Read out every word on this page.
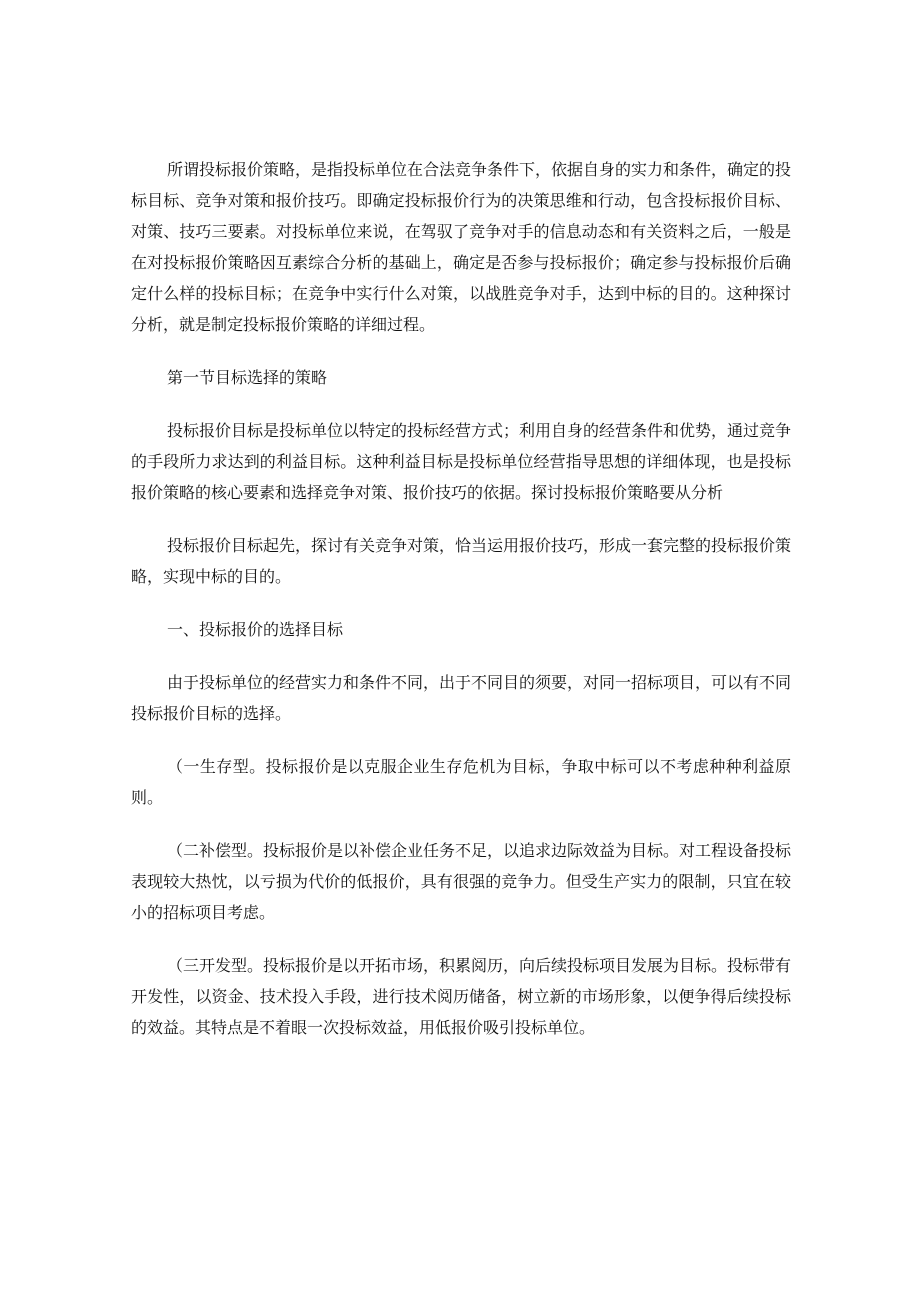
所谓投标报价策略，是指投标单位在合法竞争条件下，依据自身的实力和条件，确定的投标目标、竞争对策和报价技巧。即确定投标报价行为的决策思维和行动，包含投标报价目标、对策、技巧三要素。对投标单位来说，在驾驭了竞争对手的信息动态和有关资料之后，一般是在对投标报价策略因互素综合分析的基础上，确定是否参与投标报价；确定参与投标报价后确定什么样的投标目标；在竞争中实行什么对策，以战胜竞争对手，达到中标的目的。这种探讨分析，就是制定投标报价策略的详细过程。

第一节目标选择的策略

投标报价目标是投标单位以特定的投标经营方式；利用自身的经营条件和优势，通过竞争的手段所力求达到的利益目标。这种利益目标是投标单位经营指导思想的详细体现，也是投标报价策略的核心要素和选择竞争对策、报价技巧的依据。探讨投标报价策略要从分析

投标报价目标起先，探讨有关竞争对策，恰当运用报价技巧，形成一套完整的投标报价策略，实现中标的目的。

一、投标报价的选择目标

由于投标单位的经营实力和条件不同，出于不同目的须要，对同一招标项目，可以有不同投标报价目标的选择。

（一生存型。投标报价是以克服企业生存危机为目标，争取中标可以不考虑种种利益原则。

（二补偿型。投标报价是以补偿企业任务不足，以追求边际效益为目标。对工程设备投标表现较大热忱，以亏损为代价的低报价，具有很强的竞争力。但受生产实力的限制，只宜在较小的招标项目考虑。

（三开发型。投标报价是以开拓市场，积累阅历，向后续投标项目发展为目标。投标带有开发性，以资金、技术投入手段，进行技术阅历储备，树立新的市场形象，以便争得后续投标的效益。其特点是不着眼一次投标效益，用低报价吸引投标单位。
